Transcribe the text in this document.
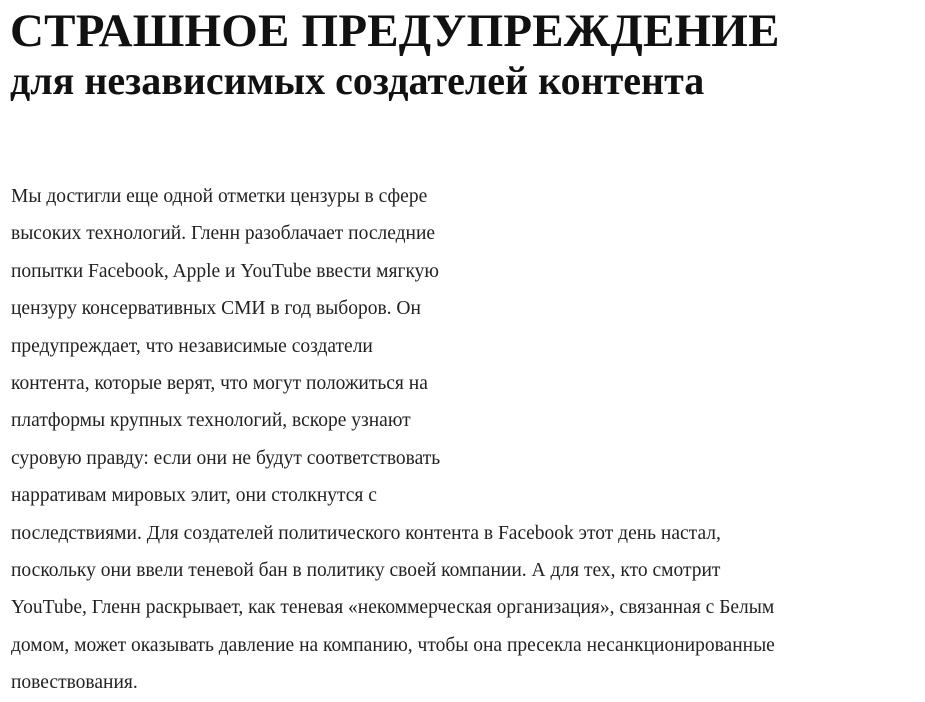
СТРАШНОЕ ПРЕДУПРЕЖДЕНИЕ
для независимых создателей контента

Мы достигли еще одной отметки цензуры в сфере
высоких технологий. Гленн разоблачает последние
попытки Facebook, Apple и YouTube ввести мягкую
цензуру консервативных СМИ в год выборов. Он
предупреждает, что независимые создатели
контента, которые верят, что могут положиться на
платформы крупных технологий, вскоре узнают
суровую правду: если они не будут соответствовать
нарративам мировых элит, они столкнутся с
последствиями. Для создателей политического контента в Facebook этот день настал,
поскольку они ввели теневой бан в политику своей компании. А для тех, кто смотрит
YouTube, Гленн раскрывает, как теневая «некоммерческая организация», связанная с Белым
домом, может оказывать давление на компанию, чтобы она пресекла несанкционированные
повествования.
